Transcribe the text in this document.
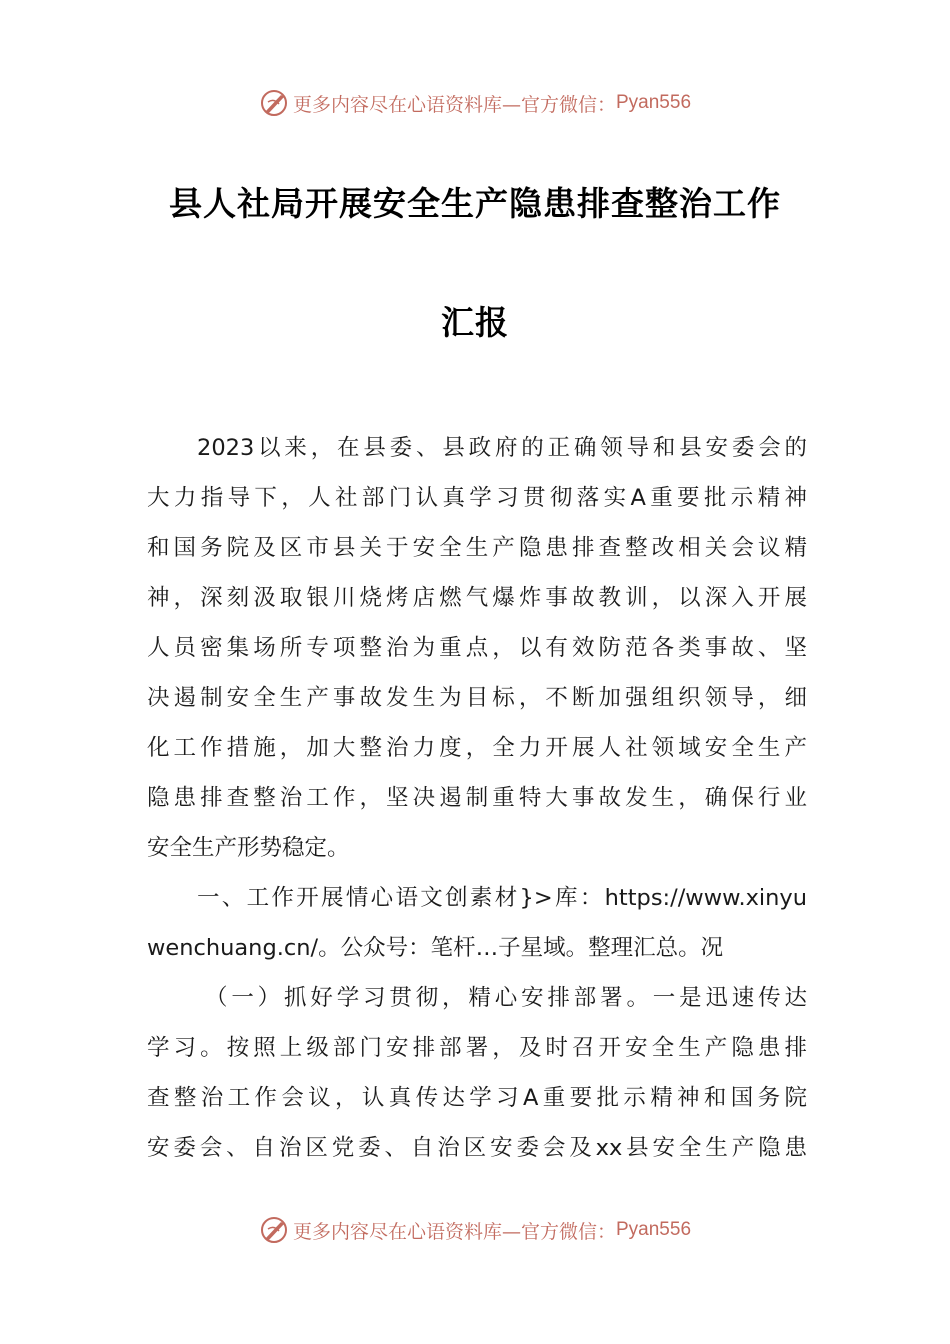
更多内容尽在心语资料库—官方微信： Pyan556
县人社局开展安全生产隐患排查整治工作
汇报
2023以来，在县委、县政府的正确领导和县安委会的
大力指导下，人社部门认真学习贯彻落实A重要批示精神
和国务院及区市县关于安全生产隐患排查整改相关会议精
神，深刻汲取银川烧烤店燃气爆炸事故教训，以深入开展
人员密集场所专项整治为重点，以有效防范各类事故、坚
决遏制安全生产事故发生为目标，不断加强组织领导，细
化工作措施，加大整治力度，全力开展人社领域安全生产
隐患排查整治工作，坚决遏制重特大事故发生，确保行业
安全生产形势稳定。
一、工作开展情心语文创素材}>库：https://www.xinyu
wenchuang.cn/。公众号：笔杆…子星域。整理汇总。况
（一）抓好学习贯彻，精心安排部署。一是迅速传达
学习。按照上级部门安排部署，及时召开安全生产隐患排
查整治工作会议，认真传达学习A重要批示精神和国务院
安委会、自治区党委、自治区安委会及xx县安全生产隐患
更多内容尽在心语资料库—官方微信： Pyan556
